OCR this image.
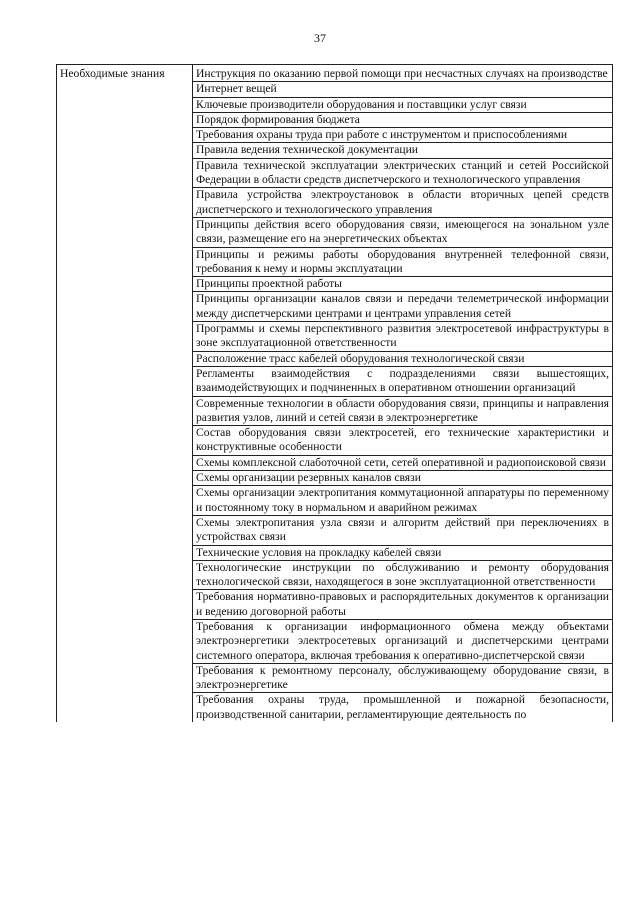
37
Необходимые знания	Инструкция по оказанию первой помощи при несчастных случаях на производстве
Интернет вещей
Ключевые производители оборудования и поставщики услуг связи
Порядок формирования бюджета
Требования охраны труда при работе с инструментом и приспособлениями
Правила ведения технической документации
Правила технической эксплуатации электрических станций и сетей Российской Федерации в области средств диспетчерского и технологического управления
Правила устройства электроустановок в области вторичных цепей средств диспетчерского и технологического управления
Принципы действия всего оборудования связи, имеющегося на зональном узле связи, размещение его на энергетических объектах
Принципы и режимы работы оборудования внутренней телефонной связи, требования к нему и нормы эксплуатации
Принципы проектной работы
Принципы организации каналов связи и передачи телеметрической информации между диспетчерскими центрами и центрами управления сетей
Программы и схемы перспективного развития электросетевой инфраструктуры в зоне эксплуатационной ответственности
Расположение трасс кабелей оборудования технологической связи
Регламенты взаимодействия с подразделениями связи вышестоящих, взаимодействующих и подчиненных в оперативном отношении организаций
Современные технологии в области оборудования связи, принципы и направления развития узлов, линий и сетей связи в электроэнергетике
Состав оборудования связи электросетей, его технические характеристики и конструктивные особенности
Схемы комплексной слаботочной сети, сетей оперативной и радиопоисковой связи
Схемы организации резервных каналов связи
Схемы организации электропитания коммутационной аппаратуры по переменному и постоянному току в нормальном и аварийном режимах
Схемы электропитания узла связи и алгоритм действий при переключениях в устройствах связи
Технические условия на прокладку кабелей связи
Технологические инструкции по обслуживанию и ремонту оборудования технологической связи, находящегося в зоне эксплуатационной ответственности
Требования нормативно-правовых и распорядительных документов к организации и ведению договорной работы
Требования к организации информационного обмена между объектами электроэнергетики электросетевых организаций и диспетчерскими центрами системного оператора, включая требования к оперативно-диспетчерской связи
Требования к ремонтному персоналу, обслуживающему оборудование связи, в электроэнергетике
Требования охраны труда, промышленной и пожарной безопасности, производственной санитарии, регламентирующие деятельность по
